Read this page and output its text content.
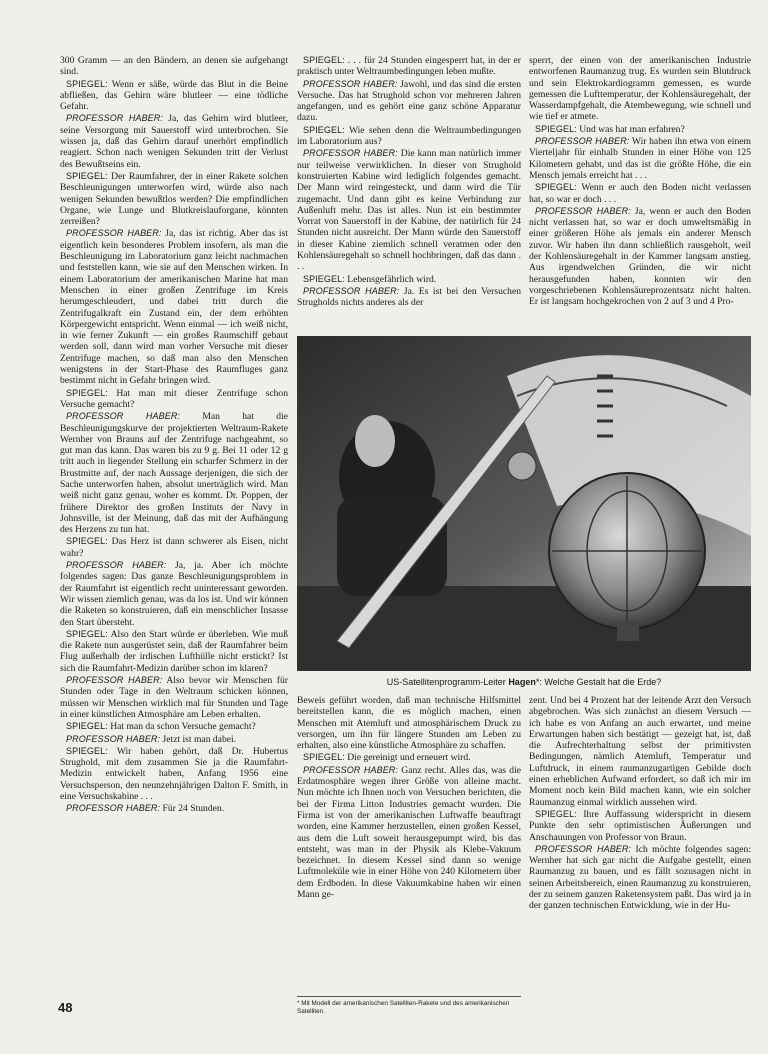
300 Gramm — an den Bändern, an denen sie aufgehangt sind.

SPIEGEL: Wenn er säße, würde das Blut in die Beine abfließen, das Gehirn wäre blutleer — eine tödliche Gefahr.

PROFESSOR HABER: Ja, das Gehirn wird blutleer, seine Versorgung mit Sauerstoff wird unterbrochen. Sie wissen ja, daß das Gehirn darauf unerhört empfindlich reagiert. Schon nach wenigen Sekunden tritt der Verlust des Bewußtseins ein.

SPIEGEL: Der Raumfahrer, der in einer Rakete solchen Beschleunigungen unterworfen wird, würde also nach wenigen Sekunden bewußtlos werden? Die empfindlichen Organe, wie Lunge und Blutkreislauforgane, könnten zerreißen?

PROFESSOR HABER: Ja, das ist richtig. Aber das ist eigentlich kein besonderes Problem insofern, als man die Beschleunigung im Laboratorium ganz leicht nachmachen und feststellen kann, wie sie auf den Menschen wirken. In einem Laboratorium der amerikanischen Marine hat man Menschen in einer großen Zentrifuge im Kreis herumgeschleudert, und dabei tritt durch die Zentrifugalkraft ein Zustand ein, der dem erhöhten Körpergewicht entspricht. Wenn einmal — ich weiß nicht, in wie ferner Zukunft — ein großes Raumschiff gebaut werden soll, dann wird man vorher Versuche mit dieser Zentrifuge machen, so daß man also den Menschen wenigstens in der Start-Phase des Raumfluges ganz bestimmt nicht in Gefahr bringen wird.

SPIEGEL: Hat man mit dieser Zentrifuge schon Versuche gemacht?

PROFESSOR HABER: Man hat die Beschleunigungskurve der projektierten Weltraum-Rakete Wernher von Brauns auf der Zentrifuge nachgeahmt, so gut man das kann. Das waren bis zu 9 g. Bei 11 oder 12 g tritt auch in liegender Stellung ein scharfer Schmerz in der Brustmitte auf, der nach Aussage derjenigen, die sich der Sache unterworfen haben, absolut unerträglich wird. Man weiß nicht ganz genau, woher es kommt. Dr. Poppen, der frühere Direktor des großen Instituts der Navy in Johnsville, ist der Meinung, daß das mit der Aufhängung des Herzens zu tun hat.

SPIEGEL: Das Herz ist dann schwerer als Eisen, nicht wahr?

PROFESSOR HABER: Ja, ja. Aber ich möchte folgendes sagen: Das ganze Beschleunigungsproblem in der Raumfahrt ist eigentlich recht uninteressant geworden. Wir wissen ziemlich genau, was da los ist. Und wir können die Raketen so konstruieren, daß ein menschlicher Insasse den Start übersteht.

SPIEGEL: Also den Start würde er überleben. Wie muß die Rakete nun ausgerüstet sein, daß der Raumfahrer beim Flug außerhalb der irdischen Lufthülle nicht erstickt? Ist sich die Raumfahrt-Medizin darüber schon im klaren?

PROFESSOR HABER: Also bevor wir Menschen für Stunden oder Tage in den Weltraum schicken können, müssen wir Menschen wirklich mal für Stunden und Tage in einer künstlichen Atmosphäre am Leben erhalten.

SPIEGEL: Hat man da schon Versuche gemacht?

PROFESSOR HABER: Jetzt ist man dabei.

SPIEGEL: Wir haben gehört, daß Dr. Hubertus Strughold, mit dem zusammen Sie ja die Raumfahrt-Medizin entwickelt haben, Anfang 1956 eine Versuchsperson, den neunzehnjährigen Dalton F. Smith, in eine Versuchskabine . . .

PROFESSOR HABER: Für 24 Stunden.

SPIEGEL: . . . für 24 Stunden eingesperrt hat, in der er praktisch unter Weltraumbedingungen leben mußte.

PROFESSOR HABER: Jawohl, und das sind die ersten Versuche. Das hat Strughold schon vor mehreren Jahren angefangen, und es gehört eine ganz schöne Apparatur dazu.

SPIEGEL: Wie sehen denn die Weltraumbedingungen im Laboratorium aus?

PROFESSOR HABER: Die kann man natürlich immer nur teilweise verwirklichen. In dieser von Strughold konstruierten Kabine wird lediglich folgendes gemacht. Der Mann wird reingesteckt, und dann wird die Tür zugemacht. Und dann gibt es keine Verbindung zur Außenluft mehr. Das ist alles. Nun ist ein bestimmter Vorrat von Sauerstoff in der Kabine, der natürlich für 24 Stunden nicht ausreicht. Der Mann würde den Sauerstoff in dieser Kabine ziemlich schnell veratmen oder den Kohlensäuregehalt so schnell hochbringen, daß das dann . . .

SPIEGEL: Lebensgefährlich wird.

PROFESSOR HABER: Ja. Es ist bei den Versuchen Strugholds nichts anderes als der

sperrt, der einen von der amerikanischen Industrie entworfenen Raumanzug trug. Es wurden sein Blutdruck und sein Elektrokardiogramm gemessen, es wurde gemessen die Lufttemperatur, der Kohlensäuregehalt, der Wasserdampfgehalt, die Atembewegung, wie schnell und wie tief er atmete.

SPIEGEL: Und was hat man erfahren?

PROFESSOR HABER: Wir haben ihn etwa von einem Vierteljahr für einhalb Stunden in einer Höhe von 125 Kilometern gehabt, und das ist die größte Höhe, die ein Mensch jemals erreicht hat . . .

SPIEGEL: Wenn er auch den Boden nicht verlassen hat, so war er doch . . .

PROFESSOR HABER: Ja, wenn er auch den Boden nicht verlassen hat, so war er doch umweltsmäßig in einer größeren Höhe als jemals ein anderer Mensch zuvor. Wir haben ihn dann schließlich rausgeholt, weil der Kohlensäuregehalt in der Kammer langsam anstieg. Aus irgendwelchen Gründen, die wir nicht herausgefunden haben, konnten wir den vorgeschriebenen Kohlensäureprozentsatz nicht halten. Er ist langsam hochgekrochen von 2 auf 3 und 4 Pro-

US-Satellitenprogramm-Leiter Hagen*: Welche Gestalt hat die Erde?

Beweis geführt worden, daß man technische Hilfsmittel bereitstellen kann, die es möglich machen, einen Menschen mit Atemluft und atmosphärischem Druck zu versorgen, um ihn für längere Stunden am Leben zu erhalten, also eine künstliche Atmosphäre zu schaffen.

SPIEGEL: Die gereinigt und erneuert wird.

PROFESSOR HABER: Ganz recht. Alles das, was die Erdatmosphäre wegen ihrer Größe von alleine macht. Nun möchte ich Ihnen noch von Versuchen berichten, die bei der Firma Litton Industries gemacht wurden. Die Firma ist von der amerikanischen Luftwaffe beauftragt worden, eine Kammer herzustellen, einen großen Kessel, aus dem die Luft soweit herausgepumpt wird, bis das entsteht, was man in der Physik als Klebe-Vakuum bezeichnet. In diesem Kessel sind dann so wenige Luftmoleküle wie in einer Höhe von 240 Kilometern über dem Erdboden. In diese Vakuumkabine haben wir einen Mann ge-

zent. Und bei 4 Prozent hat der leitende Arzt den Versuch abgebrochen. Was sich zunächst an diesem Versuch — ich habe es von Anfang an auch erwartet, und meine Erwartungen haben sich bestätigt — gezeigt hat, ist, daß die Aufrechterhaltung selbst der primitivsten Bedingungen, nämlich Atemluft, Temperatur und Luftdruck, in einem raumanzugartigen Gebilde doch einen erheblichen Aufwand erfordert, so daß ich mir im Moment noch kein Bild machen kann, wie ein solcher Raumanzug einmal wirklich aussehen wird.

SPIEGEL: Ihre Auffassung widerspricht in diesem Punkte den sehr optimistischen Äußerungen und Anschauungen von Professor von Braun.

PROFESSOR HABER: Ich möchte folgendes sagen: Wernher hat sich gar nicht die Aufgabe gestellt, einen Raumanzug zu bauen, und es fällt sozusagen nicht in seinen Arbeitsbereich, einen Raumanzug zu konstruieren, der zu seinem ganzen Raketensystem paßt. Das wird ja in der ganzen technischen Entwicklung, wie in der Hu-

* Mit Modell der amerikanischen Satelliten-Rakete und des amerikanischen Satelliten.
48
